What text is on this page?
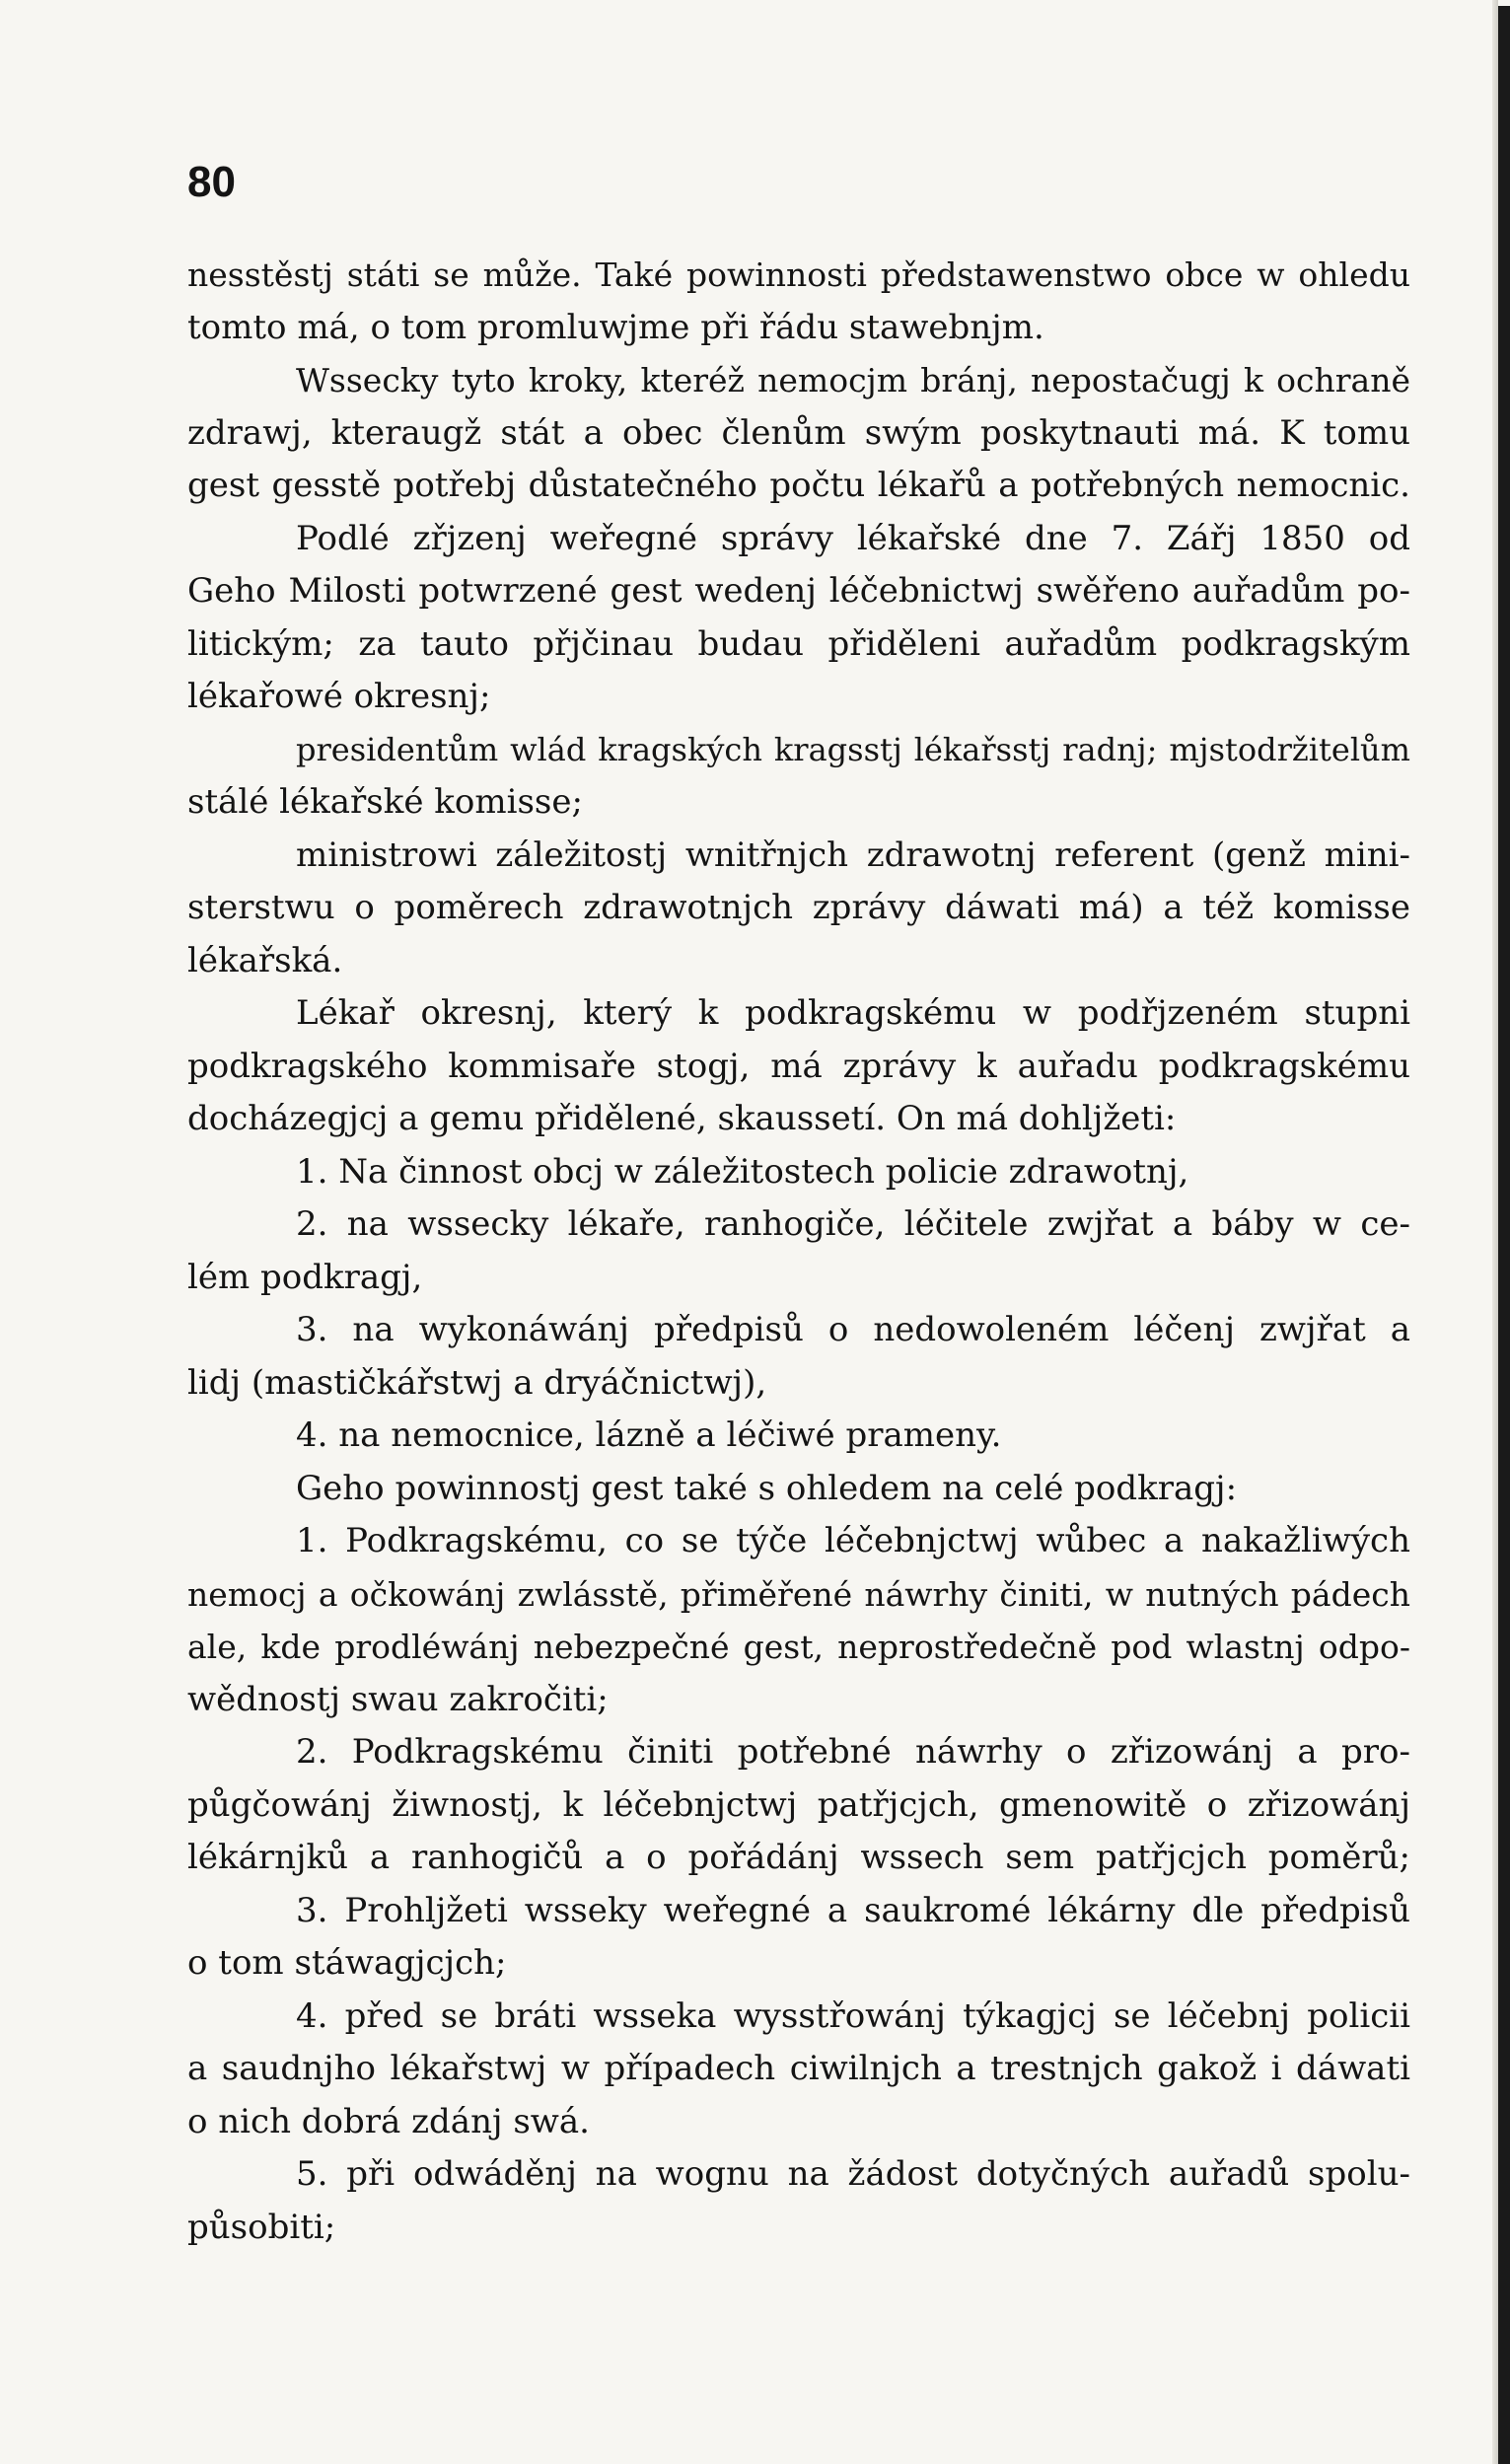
80
nesstěstj státi se může. Také powinnosti předstawenstwo obce w ohledu
tomto má, o tom promluwjme při řádu stawebnjm.
Wssecky tyto kroky, kteréž nemocjm bránj, nepostačugj k ochraně
zdrawj, kteraugž stát a obec členům swým poskytnauti má. K tomu
gest gesstě potřebj důstatečného počtu lékařů a potřebných nemocnic.
Podlé zřjzenj weřegné správy lékařské dne 7. Zářj 1850 od
Geho Milosti potwrzené gest wedenj léčebnictwj swěřeno auřadům po-
litickým; za tauto přjčinau budau přiděleni auřadům podkragským
lékařowé okresnj;
presidentům wlád kragských kragsstj lékařsstj radnj; mjstodržitelům
stálé lékařské komisse;
ministrowi záležitostj wnitřnjch zdrawotnj referent (genž mini-
sterstwu o poměrech zdrawotnjch zprávy dáwati má) a též komisse
lékařská.
Lékař okresnj, který k podkragskému w podřjzeném stupni
podkragského kommisaře stogj, má zprávy k auřadu podkragskému
docházegjcj a gemu přidělené, skaussetí. On má dohljžeti:
1. Na činnost obcj w záležitostech policie zdrawotnj,
2. na wssecky lékaře, ranhogiče, léčitele zwjřat a báby w ce-
lém podkragj,
3. na wykonáwánj předpisů o nedowoleném léčenj zwjřat a
lidj (mastičkářstwj a dryáčnictwj),
4. na nemocnice, lázně a léčiwé prameny.
Geho powinnostj gest také s ohledem na celé podkragj:
1. Podkragskému, co se týče léčebnjctwj wůbec a nakažliwých
nemocj a očkowánj zwlásstě, přiměřené náwrhy činiti, w nutných pádech
ale, kde prodléwánj nebezpečné gest, neprostředečně pod wlastnj odpo-
wědnostj swau zakročiti;
2. Podkragskému činiti potřebné náwrhy o zřizowánj a pro-
půgčowánj žiwnostj, k léčebnjctwj patřjcjch, gmenowitě o zřizowánj
lékárnjků a ranhogičů a o pořádánj wssech sem patřjcjch poměrů;
3. Prohljžeti wsseky weřegné a saukromé lékárny dle předpisů
o tom stáwagjcjch;
4. před se bráti wsseka wysstřowánj týkagjcj se léčebnj policii
a saudnjho lékařstwj w případech ciwilnjch a trestnjch gakož i dáwati
o nich dobrá zdánj swá.
5. při odwáděnj na wognu na žádost dotyčných auřadů spolu-
působiti;
